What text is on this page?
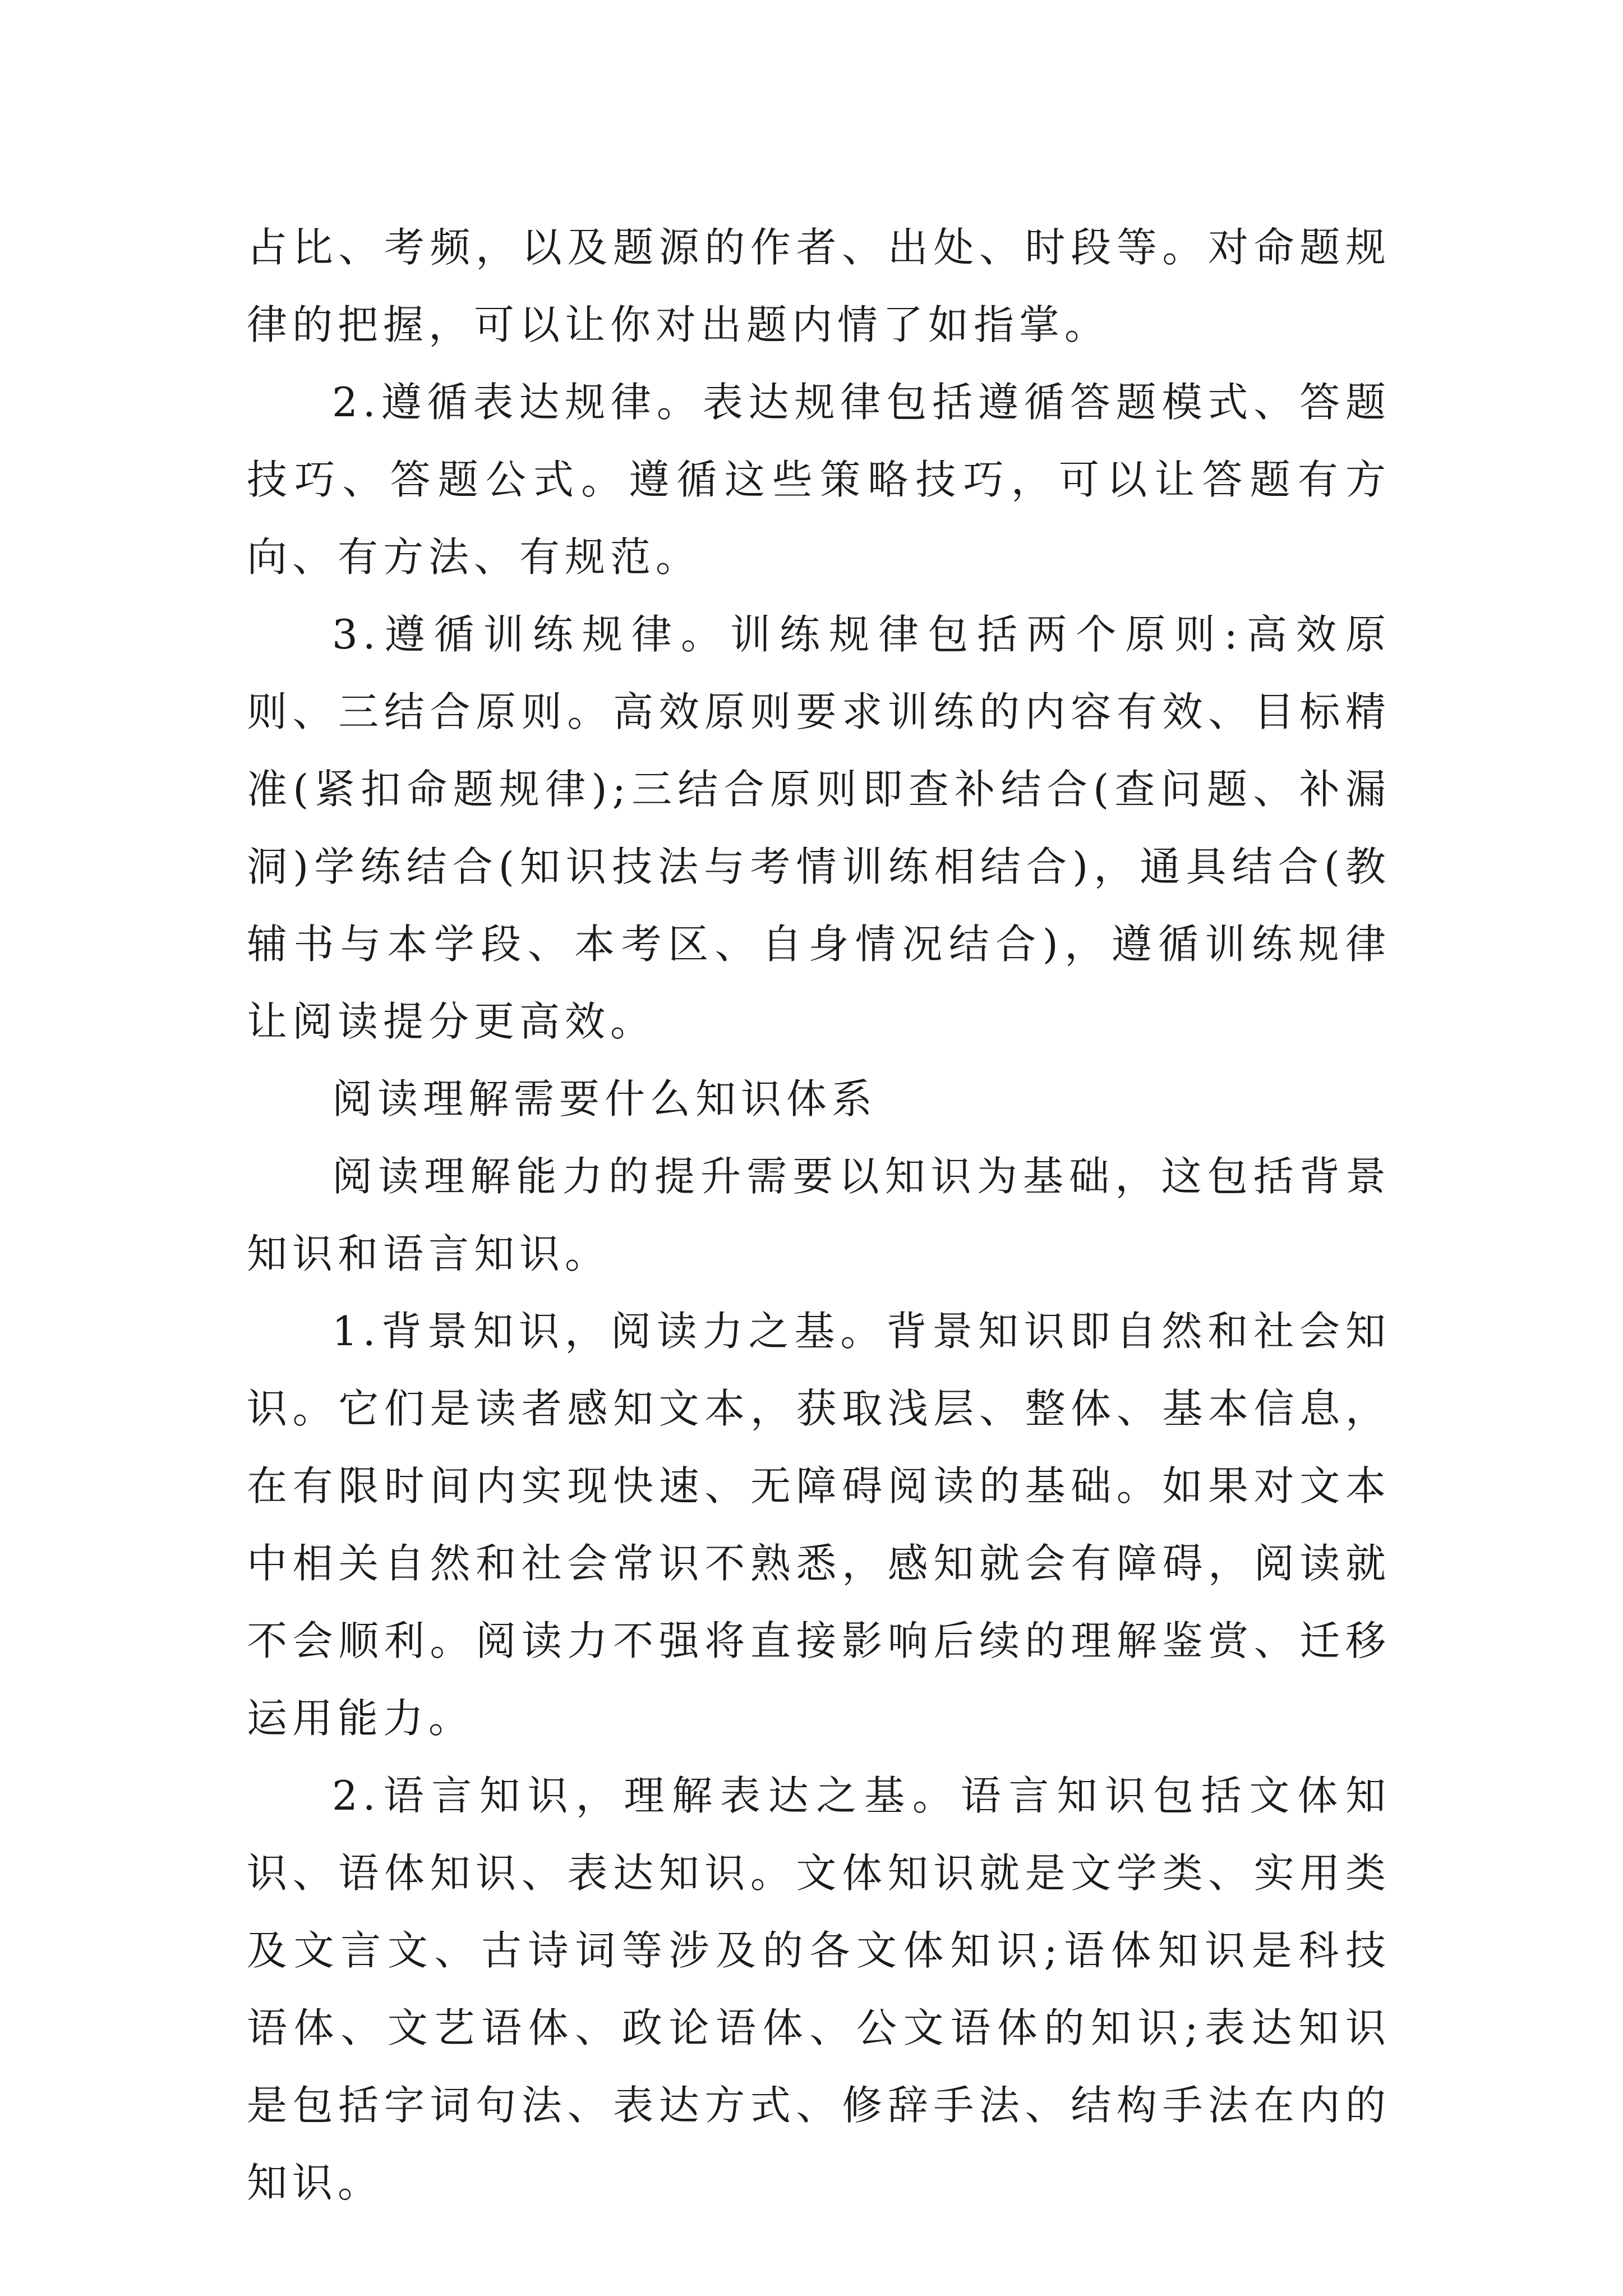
占比、考频，以及题源的作者、出处、时段等。对命题规律的把握，可以让你对出题内情了如指掌。

2.遵循表达规律。表达规律包括遵循答题模式、答题技巧、答题公式。遵循这些策略技巧，可以让答题有方向、有方法、有规范。

3.遵循训练规律。训练规律包括两个原则:高效原则、三结合原则。高效原则要求训练的内容有效、目标精准(紧扣命题规律);三结合原则即查补结合(查问题、补漏洞)学练结合(知识技法与考情训练相结合)，通具结合(教辅书与本学段、本考区、自身情况结合)，遵循训练规律让阅读提分更高效。

阅读理解需要什么知识体系

阅读理解能力的提升需要以知识为基础，这包括背景知识和语言知识。

1.背景知识，阅读力之基。背景知识即自然和社会知识。它们是读者感知文本，获取浅层、整体、基本信息，在有限时间内实现快速、无障碍阅读的基础。如果对文本中相关自然和社会常识不熟悉，感知就会有障碍，阅读就不会顺利。阅读力不强将直接影响后续的理解鉴赏、迁移运用能力。

2.语言知识，理解表达之基。语言知识包括文体知识、语体知识、表达知识。文体知识就是文学类、实用类及文言文、古诗词等涉及的各文体知识;语体知识是科技语体、文艺语体、政论语体、公文语体的知识;表达知识是包括字词句法、表达方式、修辞手法、结构手法在内的知识。
